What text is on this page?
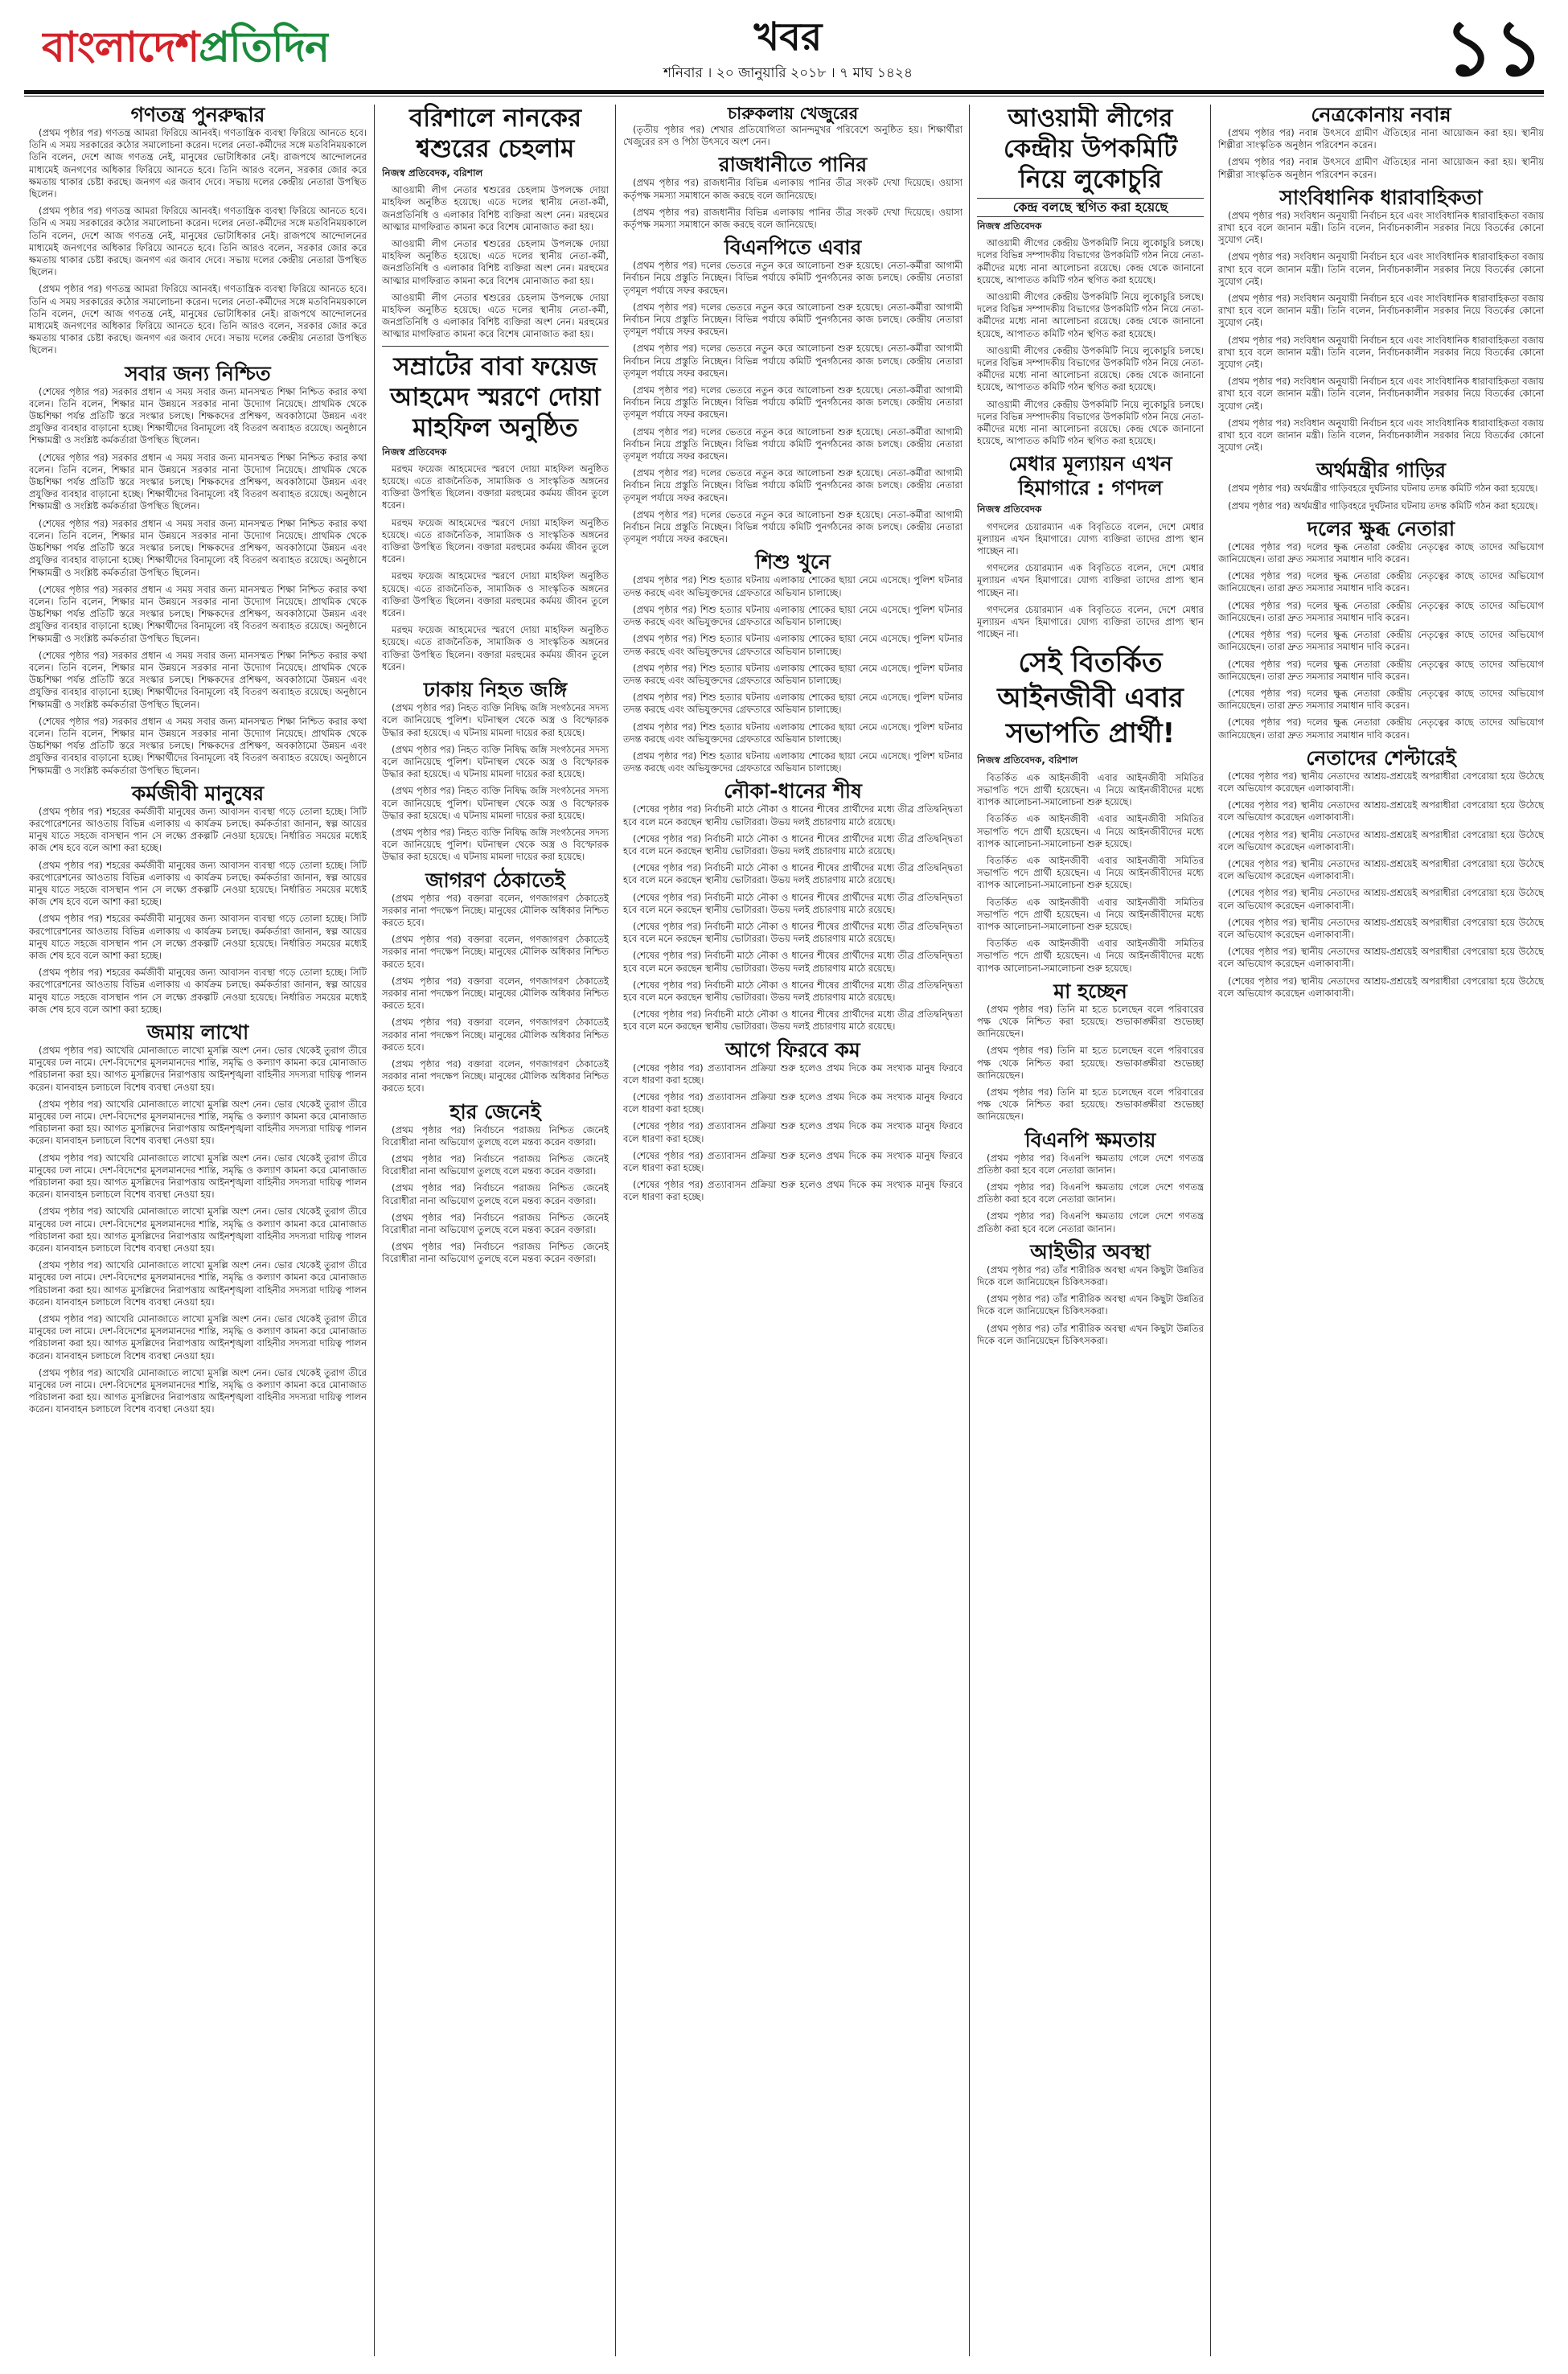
বাংলাদেশপ্রতিদিন	খবর
শনিবার । ২০ জানুয়ারি ২০১৮ । ৭ মাঘ ১৪২৪	১১
গণতন্ত্র পুনরুদ্ধার

(প্রথম পৃষ্ঠার পর) গণতন্ত্র আমরা ফিরিয়ে আনবই। গণতান্ত্রিক ব্যবস্থা ফিরিয়ে আনতে হবে। তিনি এ সময় সরকারের কঠোর সমালোচনা করেন। দলের নেতা-কর্মীদের সঙ্গে মতবিনিময়কালে তিনি বলেন, দেশে আজ গণতন্ত্র নেই, মানুষের ভোটাধিকার নেই। রাজপথে আন্দোলনের মাধ্যমেই জনগণের অধিকার ফিরিয়ে আনতে হবে। তিনি আরও বলেন, সরকার জোর করে ক্ষমতায় থাকার চেষ্টা করছে। জনগণ এর জবাব দেবে। সভায় দলের কেন্দ্রীয় নেতারা উপস্থিত ছিলেন।

(প্রথম পৃষ্ঠার পর) গণতন্ত্র আমরা ফিরিয়ে আনবই। গণতান্ত্রিক ব্যবস্থা ফিরিয়ে আনতে হবে। তিনি এ সময় সরকারের কঠোর সমালোচনা করেন। দলের নেতা-কর্মীদের সঙ্গে মতবিনিময়কালে তিনি বলেন, দেশে আজ গণতন্ত্র নেই, মানুষের ভোটাধিকার নেই। রাজপথে আন্দোলনের মাধ্যমেই জনগণের অধিকার ফিরিয়ে আনতে হবে। তিনি আরও বলেন, সরকার জোর করে ক্ষমতায় থাকার চেষ্টা করছে। জনগণ এর জবাব দেবে। সভায় দলের কেন্দ্রীয় নেতারা উপস্থিত ছিলেন।

(প্রথম পৃষ্ঠার পর) গণতন্ত্র আমরা ফিরিয়ে আনবই। গণতান্ত্রিক ব্যবস্থা ফিরিয়ে আনতে হবে। তিনি এ সময় সরকারের কঠোর সমালোচনা করেন। দলের নেতা-কর্মীদের সঙ্গে মতবিনিময়কালে তিনি বলেন, দেশে আজ গণতন্ত্র নেই, মানুষের ভোটাধিকার নেই। রাজপথে আন্দোলনের মাধ্যমেই জনগণের অধিকার ফিরিয়ে আনতে হবে। তিনি আরও বলেন, সরকার জোর করে ক্ষমতায় থাকার চেষ্টা করছে। জনগণ এর জবাব দেবে। সভায় দলের কেন্দ্রীয় নেতারা উপস্থিত ছিলেন।

সবার জন্য নিশ্চিত

(শেষের পৃষ্ঠার পর) সরকার প্রধান এ সময় সবার জন্য মানসম্মত শিক্ষা নিশ্চিত করার কথা বলেন। তিনি বলেন, শিক্ষার মান উন্নয়নে সরকার নানা উদ্যোগ নিয়েছে। প্রাথমিক থেকে উচ্চশিক্ষা পর্যন্ত প্রতিটি স্তরে সংস্কার চলছে। শিক্ষকদের প্রশিক্ষণ, অবকাঠামো উন্নয়ন এবং প্রযুক্তির ব্যবহার বাড়ানো হচ্ছে। শিক্ষার্থীদের বিনামূল্যে বই বিতরণ অব্যাহত রয়েছে। অনুষ্ঠানে শিক্ষামন্ত্রী ও সংশ্লিষ্ট কর্মকর্তারা উপস্থিত ছিলেন।

(শেষের পৃষ্ঠার পর) সরকার প্রধান এ সময় সবার জন্য মানসম্মত শিক্ষা নিশ্চিত করার কথা বলেন। তিনি বলেন, শিক্ষার মান উন্নয়নে সরকার নানা উদ্যোগ নিয়েছে। প্রাথমিক থেকে উচ্চশিক্ষা পর্যন্ত প্রতিটি স্তরে সংস্কার চলছে। শিক্ষকদের প্রশিক্ষণ, অবকাঠামো উন্নয়ন এবং প্রযুক্তির ব্যবহার বাড়ানো হচ্ছে। শিক্ষার্থীদের বিনামূল্যে বই বিতরণ অব্যাহত রয়েছে। অনুষ্ঠানে শিক্ষামন্ত্রী ও সংশ্লিষ্ট কর্মকর্তারা উপস্থিত ছিলেন।

(শেষের পৃষ্ঠার পর) সরকার প্রধান এ সময় সবার জন্য মানসম্মত শিক্ষা নিশ্চিত করার কথা বলেন। তিনি বলেন, শিক্ষার মান উন্নয়নে সরকার নানা উদ্যোগ নিয়েছে। প্রাথমিক থেকে উচ্চশিক্ষা পর্যন্ত প্রতিটি স্তরে সংস্কার চলছে। শিক্ষকদের প্রশিক্ষণ, অবকাঠামো উন্নয়ন এবং প্রযুক্তির ব্যবহার বাড়ানো হচ্ছে। শিক্ষার্থীদের বিনামূল্যে বই বিতরণ অব্যাহত রয়েছে। অনুষ্ঠানে শিক্ষামন্ত্রী ও সংশ্লিষ্ট কর্মকর্তারা উপস্থিত ছিলেন।

(শেষের পৃষ্ঠার পর) সরকার প্রধান এ সময় সবার জন্য মানসম্মত শিক্ষা নিশ্চিত করার কথা বলেন। তিনি বলেন, শিক্ষার মান উন্নয়নে সরকার নানা উদ্যোগ নিয়েছে। প্রাথমিক থেকে উচ্চশিক্ষা পর্যন্ত প্রতিটি স্তরে সংস্কার চলছে। শিক্ষকদের প্রশিক্ষণ, অবকাঠামো উন্নয়ন এবং প্রযুক্তির ব্যবহার বাড়ানো হচ্ছে। শিক্ষার্থীদের বিনামূল্যে বই বিতরণ অব্যাহত রয়েছে। অনুষ্ঠানে শিক্ষামন্ত্রী ও সংশ্লিষ্ট কর্মকর্তারা উপস্থিত ছিলেন।

(শেষের পৃষ্ঠার পর) সরকার প্রধান এ সময় সবার জন্য মানসম্মত শিক্ষা নিশ্চিত করার কথা বলেন। তিনি বলেন, শিক্ষার মান উন্নয়নে সরকার নানা উদ্যোগ নিয়েছে। প্রাথমিক থেকে উচ্চশিক্ষা পর্যন্ত প্রতিটি স্তরে সংস্কার চলছে। শিক্ষকদের প্রশিক্ষণ, অবকাঠামো উন্নয়ন এবং প্রযুক্তির ব্যবহার বাড়ানো হচ্ছে। শিক্ষার্থীদের বিনামূল্যে বই বিতরণ অব্যাহত রয়েছে। অনুষ্ঠানে শিক্ষামন্ত্রী ও সংশ্লিষ্ট কর্মকর্তারা উপস্থিত ছিলেন।

(শেষের পৃষ্ঠার পর) সরকার প্রধান এ সময় সবার জন্য মানসম্মত শিক্ষা নিশ্চিত করার কথা বলেন। তিনি বলেন, শিক্ষার মান উন্নয়নে সরকার নানা উদ্যোগ নিয়েছে। প্রাথমিক থেকে উচ্চশিক্ষা পর্যন্ত প্রতিটি স্তরে সংস্কার চলছে। শিক্ষকদের প্রশিক্ষণ, অবকাঠামো উন্নয়ন এবং প্রযুক্তির ব্যবহার বাড়ানো হচ্ছে। শিক্ষার্থীদের বিনামূল্যে বই বিতরণ অব্যাহত রয়েছে। অনুষ্ঠানে শিক্ষামন্ত্রী ও সংশ্লিষ্ট কর্মকর্তারা উপস্থিত ছিলেন।

কর্মজীবী মানুষের

(প্রথম পৃষ্ঠার পর) শহরের কর্মজীবী মানুষের জন্য আবাসন ব্যবস্থা গড়ে তোলা হচ্ছে। সিটি করপোরেশনের আওতায় বিভিন্ন এলাকায় এ কার্যক্রম চলছে। কর্মকর্তারা জানান, স্বল্প আয়ের মানুষ যাতে সহজে বাসস্থান পান সে লক্ষ্যে প্রকল্পটি নেওয়া হয়েছে। নির্ধারিত সময়ের মধ্যেই কাজ শেষ হবে বলে আশা করা হচ্ছে।

(প্রথম পৃষ্ঠার পর) শহরের কর্মজীবী মানুষের জন্য আবাসন ব্যবস্থা গড়ে তোলা হচ্ছে। সিটি করপোরেশনের আওতায় বিভিন্ন এলাকায় এ কার্যক্রম চলছে। কর্মকর্তারা জানান, স্বল্প আয়ের মানুষ যাতে সহজে বাসস্থান পান সে লক্ষ্যে প্রকল্পটি নেওয়া হয়েছে। নির্ধারিত সময়ের মধ্যেই কাজ শেষ হবে বলে আশা করা হচ্ছে।

(প্রথম পৃষ্ঠার পর) শহরের কর্মজীবী মানুষের জন্য আবাসন ব্যবস্থা গড়ে তোলা হচ্ছে। সিটি করপোরেশনের আওতায় বিভিন্ন এলাকায় এ কার্যক্রম চলছে। কর্মকর্তারা জানান, স্বল্প আয়ের মানুষ যাতে সহজে বাসস্থান পান সে লক্ষ্যে প্রকল্পটি নেওয়া হয়েছে। নির্ধারিত সময়ের মধ্যেই কাজ শেষ হবে বলে আশা করা হচ্ছে।

(প্রথম পৃষ্ঠার পর) শহরের কর্মজীবী মানুষের জন্য আবাসন ব্যবস্থা গড়ে তোলা হচ্ছে। সিটি করপোরেশনের আওতায় বিভিন্ন এলাকায় এ কার্যক্রম চলছে। কর্মকর্তারা জানান, স্বল্প আয়ের মানুষ যাতে সহজে বাসস্থান পান সে লক্ষ্যে প্রকল্পটি নেওয়া হয়েছে। নির্ধারিত সময়ের মধ্যেই কাজ শেষ হবে বলে আশা করা হচ্ছে।

জমায় লাখো

(প্রথম পৃষ্ঠার পর) আখেরি মোনাজাতে লাখো মুসল্লি অংশ নেন। ভোর থেকেই তুরাগ তীরে মানুষের ঢল নামে। দেশ-বিদেশের মুসলমানদের শান্তি, সমৃদ্ধি ও কল্যাণ কামনা করে মোনাজাত পরিচালনা করা হয়। আগত মুসল্লিদের নিরাপত্তায় আইনশৃঙ্খলা বাহিনীর সদস্যরা দায়িত্ব পালন করেন। যানবাহন চলাচলে বিশেষ ব্যবস্থা নেওয়া হয়।

(প্রথম পৃষ্ঠার পর) আখেরি মোনাজাতে লাখো মুসল্লি অংশ নেন। ভোর থেকেই তুরাগ তীরে মানুষের ঢল নামে। দেশ-বিদেশের মুসলমানদের শান্তি, সমৃদ্ধি ও কল্যাণ কামনা করে মোনাজাত পরিচালনা করা হয়। আগত মুসল্লিদের নিরাপত্তায় আইনশৃঙ্খলা বাহিনীর সদস্যরা দায়িত্ব পালন করেন। যানবাহন চলাচলে বিশেষ ব্যবস্থা নেওয়া হয়।

(প্রথম পৃষ্ঠার পর) আখেরি মোনাজাতে লাখো মুসল্লি অংশ নেন। ভোর থেকেই তুরাগ তীরে মানুষের ঢল নামে। দেশ-বিদেশের মুসলমানদের শান্তি, সমৃদ্ধি ও কল্যাণ কামনা করে মোনাজাত পরিচালনা করা হয়। আগত মুসল্লিদের নিরাপত্তায় আইনশৃঙ্খলা বাহিনীর সদস্যরা দায়িত্ব পালন করেন। যানবাহন চলাচলে বিশেষ ব্যবস্থা নেওয়া হয়।

(প্রথম পৃষ্ঠার পর) আখেরি মোনাজাতে লাখো মুসল্লি অংশ নেন। ভোর থেকেই তুরাগ তীরে মানুষের ঢল নামে। দেশ-বিদেশের মুসলমানদের শান্তি, সমৃদ্ধি ও কল্যাণ কামনা করে মোনাজাত পরিচালনা করা হয়। আগত মুসল্লিদের নিরাপত্তায় আইনশৃঙ্খলা বাহিনীর সদস্যরা দায়িত্ব পালন করেন। যানবাহন চলাচলে বিশেষ ব্যবস্থা নেওয়া হয়।

(প্রথম পৃষ্ঠার পর) আখেরি মোনাজাতে লাখো মুসল্লি অংশ নেন। ভোর থেকেই তুরাগ তীরে মানুষের ঢল নামে। দেশ-বিদেশের মুসলমানদের শান্তি, সমৃদ্ধি ও কল্যাণ কামনা করে মোনাজাত পরিচালনা করা হয়। আগত মুসল্লিদের নিরাপত্তায় আইনশৃঙ্খলা বাহিনীর সদস্যরা দায়িত্ব পালন করেন। যানবাহন চলাচলে বিশেষ ব্যবস্থা নেওয়া হয়।

(প্রথম পৃষ্ঠার পর) আখেরি মোনাজাতে লাখো মুসল্লি অংশ নেন। ভোর থেকেই তুরাগ তীরে মানুষের ঢল নামে। দেশ-বিদেশের মুসলমানদের শান্তি, সমৃদ্ধি ও কল্যাণ কামনা করে মোনাজাত পরিচালনা করা হয়। আগত মুসল্লিদের নিরাপত্তায় আইনশৃঙ্খলা বাহিনীর সদস্যরা দায়িত্ব পালন করেন। যানবাহন চলাচলে বিশেষ ব্যবস্থা নেওয়া হয়।

(প্রথম পৃষ্ঠার পর) আখেরি মোনাজাতে লাখো মুসল্লি অংশ নেন। ভোর থেকেই তুরাগ তীরে মানুষের ঢল নামে। দেশ-বিদেশের মুসলমানদের শান্তি, সমৃদ্ধি ও কল্যাণ কামনা করে মোনাজাত পরিচালনা করা হয়। আগত মুসল্লিদের নিরাপত্তায় আইনশৃঙ্খলা বাহিনীর সদস্যরা দায়িত্ব পালন করেন। যানবাহন চলাচলে বিশেষ ব্যবস্থা নেওয়া হয়।

বরিশালে নানকের শ্বশুরের চেহলাম
নিজস্ব প্রতিবেদক, বরিশাল

আওয়ামী লীগ নেতার শ্বশুরের চেহলাম উপলক্ষে দোয়া মাহফিল অনুষ্ঠিত হয়েছে। এতে দলের স্থানীয় নেতা-কর্মী, জনপ্রতিনিধি ও এলাকার বিশিষ্ট ব্যক্তিরা অংশ নেন। মরহুমের আত্মার মাগফিরাত কামনা করে বিশেষ মোনাজাত করা হয়।

আওয়ামী লীগ নেতার শ্বশুরের চেহলাম উপলক্ষে দোয়া মাহফিল অনুষ্ঠিত হয়েছে। এতে দলের স্থানীয় নেতা-কর্মী, জনপ্রতিনিধি ও এলাকার বিশিষ্ট ব্যক্তিরা অংশ নেন। মরহুমের আত্মার মাগফিরাত কামনা করে বিশেষ মোনাজাত করা হয়।

আওয়ামী লীগ নেতার শ্বশুরের চেহলাম উপলক্ষে দোয়া মাহফিল অনুষ্ঠিত হয়েছে। এতে দলের স্থানীয় নেতা-কর্মী, জনপ্রতিনিধি ও এলাকার বিশিষ্ট ব্যক্তিরা অংশ নেন। মরহুমের আত্মার মাগফিরাত কামনা করে বিশেষ মোনাজাত করা হয়।

সম্রাটের বাবা ফয়েজ আহমেদ স্মরণে দোয়া মাহফিল অনুষ্ঠিত
নিজস্ব প্রতিবেদক

মরহুম ফয়েজ আহমেদের স্মরণে দোয়া মাহফিল অনুষ্ঠিত হয়েছে। এতে রাজনৈতিক, সামাজিক ও সাংস্কৃতিক অঙ্গনের ব্যক্তিরা উপস্থিত ছিলেন। বক্তারা মরহুমের কর্মময় জীবন তুলে ধরেন।

মরহুম ফয়েজ আহমেদের স্মরণে দোয়া মাহফিল অনুষ্ঠিত হয়েছে। এতে রাজনৈতিক, সামাজিক ও সাংস্কৃতিক অঙ্গনের ব্যক্তিরা উপস্থিত ছিলেন। বক্তারা মরহুমের কর্মময় জীবন তুলে ধরেন।

মরহুম ফয়েজ আহমেদের স্মরণে দোয়া মাহফিল অনুষ্ঠিত হয়েছে। এতে রাজনৈতিক, সামাজিক ও সাংস্কৃতিক অঙ্গনের ব্যক্তিরা উপস্থিত ছিলেন। বক্তারা মরহুমের কর্মময় জীবন তুলে ধরেন।

মরহুম ফয়েজ আহমেদের স্মরণে দোয়া মাহফিল অনুষ্ঠিত হয়েছে। এতে রাজনৈতিক, সামাজিক ও সাংস্কৃতিক অঙ্গনের ব্যক্তিরা উপস্থিত ছিলেন। বক্তারা মরহুমের কর্মময় জীবন তুলে ধরেন।

ঢাকায় নিহত জঙ্গি

(প্রথম পৃষ্ঠার পর) নিহত ব্যক্তি নিষিদ্ধ জঙ্গি সংগঠনের সদস্য বলে জানিয়েছে পুলিশ। ঘটনাস্থল থেকে অস্ত্র ও বিস্ফোরক উদ্ধার করা হয়েছে। এ ঘটনায় মামলা দায়ের করা হয়েছে।

(প্রথম পৃষ্ঠার পর) নিহত ব্যক্তি নিষিদ্ধ জঙ্গি সংগঠনের সদস্য বলে জানিয়েছে পুলিশ। ঘটনাস্থল থেকে অস্ত্র ও বিস্ফোরক উদ্ধার করা হয়েছে। এ ঘটনায় মামলা দায়ের করা হয়েছে।

(প্রথম পৃষ্ঠার পর) নিহত ব্যক্তি নিষিদ্ধ জঙ্গি সংগঠনের সদস্য বলে জানিয়েছে পুলিশ। ঘটনাস্থল থেকে অস্ত্র ও বিস্ফোরক উদ্ধার করা হয়েছে। এ ঘটনায় মামলা দায়ের করা হয়েছে।

(প্রথম পৃষ্ঠার পর) নিহত ব্যক্তি নিষিদ্ধ জঙ্গি সংগঠনের সদস্য বলে জানিয়েছে পুলিশ। ঘটনাস্থল থেকে অস্ত্র ও বিস্ফোরক উদ্ধার করা হয়েছে। এ ঘটনায় মামলা দায়ের করা হয়েছে।

জাগরণ ঠেকাতেই

(প্রথম পৃষ্ঠার পর) বক্তারা বলেন, গণজাগরণ ঠেকাতেই সরকার নানা পদক্ষেপ নিচ্ছে। মানুষের মৌলিক অধিকার নিশ্চিত করতে হবে।

(প্রথম পৃষ্ঠার পর) বক্তারা বলেন, গণজাগরণ ঠেকাতেই সরকার নানা পদক্ষেপ নিচ্ছে। মানুষের মৌলিক অধিকার নিশ্চিত করতে হবে।

(প্রথম পৃষ্ঠার পর) বক্তারা বলেন, গণজাগরণ ঠেকাতেই সরকার নানা পদক্ষেপ নিচ্ছে। মানুষের মৌলিক অধিকার নিশ্চিত করতে হবে।

(প্রথম পৃষ্ঠার পর) বক্তারা বলেন, গণজাগরণ ঠেকাতেই সরকার নানা পদক্ষেপ নিচ্ছে। মানুষের মৌলিক অধিকার নিশ্চিত করতে হবে।

(প্রথম পৃষ্ঠার পর) বক্তারা বলেন, গণজাগরণ ঠেকাতেই সরকার নানা পদক্ষেপ নিচ্ছে। মানুষের মৌলিক অধিকার নিশ্চিত করতে হবে।

হার জেনেই

(প্রথম পৃষ্ঠার পর) নির্বাচনে পরাজয় নিশ্চিত জেনেই বিরোধীরা নানা অভিযোগ তুলছে বলে মন্তব্য করেন বক্তারা।

(প্রথম পৃষ্ঠার পর) নির্বাচনে পরাজয় নিশ্চিত জেনেই বিরোধীরা নানা অভিযোগ তুলছে বলে মন্তব্য করেন বক্তারা।

(প্রথম পৃষ্ঠার পর) নির্বাচনে পরাজয় নিশ্চিত জেনেই বিরোধীরা নানা অভিযোগ তুলছে বলে মন্তব্য করেন বক্তারা।

(প্রথম পৃষ্ঠার পর) নির্বাচনে পরাজয় নিশ্চিত জেনেই বিরোধীরা নানা অভিযোগ তুলছে বলে মন্তব্য করেন বক্তারা।

(প্রথম পৃষ্ঠার পর) নির্বাচনে পরাজয় নিশ্চিত জেনেই বিরোধীরা নানা অভিযোগ তুলছে বলে মন্তব্য করেন বক্তারা।

চারুকলায় খেজুরের

(তৃতীয় পৃষ্ঠার পর) শেখার প্রতিযোগিতা আনন্দমুখর পরিবেশে অনুষ্ঠিত হয়। শিক্ষার্থীরা খেজুরের রস ও পিঠা উৎসবে অংশ নেন।

রাজধানীতে পানির

(প্রথম পৃষ্ঠার পর) রাজধানীর বিভিন্ন এলাকায় পানির তীব্র সংকট দেখা দিয়েছে। ওয়াসা কর্তৃপক্ষ সমস্যা সমাধানে কাজ করছে বলে জানিয়েছে।

(প্রথম পৃষ্ঠার পর) রাজধানীর বিভিন্ন এলাকায় পানির তীব্র সংকট দেখা দিয়েছে। ওয়াসা কর্তৃপক্ষ সমস্যা সমাধানে কাজ করছে বলে জানিয়েছে।

বিএনপিতে এবার

(প্রথম পৃষ্ঠার পর) দলের ভেতরে নতুন করে আলোচনা শুরু হয়েছে। নেতা-কর্মীরা আগামী নির্বাচন নিয়ে প্রস্তুতি নিচ্ছেন। বিভিন্ন পর্যায়ে কমিটি পুনর্গঠনের কাজ চলছে। কেন্দ্রীয় নেতারা তৃণমূল পর্যায়ে সফর করছেন।

(প্রথম পৃষ্ঠার পর) দলের ভেতরে নতুন করে আলোচনা শুরু হয়েছে। নেতা-কর্মীরা আগামী নির্বাচন নিয়ে প্রস্তুতি নিচ্ছেন। বিভিন্ন পর্যায়ে কমিটি পুনর্গঠনের কাজ চলছে। কেন্দ্রীয় নেতারা তৃণমূল পর্যায়ে সফর করছেন।

(প্রথম পৃষ্ঠার পর) দলের ভেতরে নতুন করে আলোচনা শুরু হয়েছে। নেতা-কর্মীরা আগামী নির্বাচন নিয়ে প্রস্তুতি নিচ্ছেন। বিভিন্ন পর্যায়ে কমিটি পুনর্গঠনের কাজ চলছে। কেন্দ্রীয় নেতারা তৃণমূল পর্যায়ে সফর করছেন।

(প্রথম পৃষ্ঠার পর) দলের ভেতরে নতুন করে আলোচনা শুরু হয়েছে। নেতা-কর্মীরা আগামী নির্বাচন নিয়ে প্রস্তুতি নিচ্ছেন। বিভিন্ন পর্যায়ে কমিটি পুনর্গঠনের কাজ চলছে। কেন্দ্রীয় নেতারা তৃণমূল পর্যায়ে সফর করছেন।

(প্রথম পৃষ্ঠার পর) দলের ভেতরে নতুন করে আলোচনা শুরু হয়েছে। নেতা-কর্মীরা আগামী নির্বাচন নিয়ে প্রস্তুতি নিচ্ছেন। বিভিন্ন পর্যায়ে কমিটি পুনর্গঠনের কাজ চলছে। কেন্দ্রীয় নেতারা তৃণমূল পর্যায়ে সফর করছেন।

(প্রথম পৃষ্ঠার পর) দলের ভেতরে নতুন করে আলোচনা শুরু হয়েছে। নেতা-কর্মীরা আগামী নির্বাচন নিয়ে প্রস্তুতি নিচ্ছেন। বিভিন্ন পর্যায়ে কমিটি পুনর্গঠনের কাজ চলছে। কেন্দ্রীয় নেতারা তৃণমূল পর্যায়ে সফর করছেন।

(প্রথম পৃষ্ঠার পর) দলের ভেতরে নতুন করে আলোচনা শুরু হয়েছে। নেতা-কর্মীরা আগামী নির্বাচন নিয়ে প্রস্তুতি নিচ্ছেন। বিভিন্ন পর্যায়ে কমিটি পুনর্গঠনের কাজ চলছে। কেন্দ্রীয় নেতারা তৃণমূল পর্যায়ে সফর করছেন।

শিশু খুনে

(প্রথম পৃষ্ঠার পর) শিশু হত্যার ঘটনায় এলাকায় শোকের ছায়া নেমে এসেছে। পুলিশ ঘটনার তদন্ত করছে এবং অভিযুক্তদের গ্রেফতারে অভিযান চালাচ্ছে।

(প্রথম পৃষ্ঠার পর) শিশু হত্যার ঘটনায় এলাকায় শোকের ছায়া নেমে এসেছে। পুলিশ ঘটনার তদন্ত করছে এবং অভিযুক্তদের গ্রেফতারে অভিযান চালাচ্ছে।

(প্রথম পৃষ্ঠার পর) শিশু হত্যার ঘটনায় এলাকায় শোকের ছায়া নেমে এসেছে। পুলিশ ঘটনার তদন্ত করছে এবং অভিযুক্তদের গ্রেফতারে অভিযান চালাচ্ছে।

(প্রথম পৃষ্ঠার পর) শিশু হত্যার ঘটনায় এলাকায় শোকের ছায়া নেমে এসেছে। পুলিশ ঘটনার তদন্ত করছে এবং অভিযুক্তদের গ্রেফতারে অভিযান চালাচ্ছে।

(প্রথম পৃষ্ঠার পর) শিশু হত্যার ঘটনায় এলাকায় শোকের ছায়া নেমে এসেছে। পুলিশ ঘটনার তদন্ত করছে এবং অভিযুক্তদের গ্রেফতারে অভিযান চালাচ্ছে।

(প্রথম পৃষ্ঠার পর) শিশু হত্যার ঘটনায় এলাকায় শোকের ছায়া নেমে এসেছে। পুলিশ ঘটনার তদন্ত করছে এবং অভিযুক্তদের গ্রেফতারে অভিযান চালাচ্ছে।

(প্রথম পৃষ্ঠার পর) শিশু হত্যার ঘটনায় এলাকায় শোকের ছায়া নেমে এসেছে। পুলিশ ঘটনার তদন্ত করছে এবং অভিযুক্তদের গ্রেফতারে অভিযান চালাচ্ছে।

নৌকা-ধানের শীষ

(শেষের পৃষ্ঠার পর) নির্বাচনী মাঠে নৌকা ও ধানের শীষের প্রার্থীদের মধ্যে তীব্র প্রতিদ্বন্দ্বিতা হবে বলে মনে করছেন স্থানীয় ভোটাররা। উভয় দলই প্রচারণায় মাঠে রয়েছে।

(শেষের পৃষ্ঠার পর) নির্বাচনী মাঠে নৌকা ও ধানের শীষের প্রার্থীদের মধ্যে তীব্র প্রতিদ্বন্দ্বিতা হবে বলে মনে করছেন স্থানীয় ভোটাররা। উভয় দলই প্রচারণায় মাঠে রয়েছে।

(শেষের পৃষ্ঠার পর) নির্বাচনী মাঠে নৌকা ও ধানের শীষের প্রার্থীদের মধ্যে তীব্র প্রতিদ্বন্দ্বিতা হবে বলে মনে করছেন স্থানীয় ভোটাররা। উভয় দলই প্রচারণায় মাঠে রয়েছে।

(শেষের পৃষ্ঠার পর) নির্বাচনী মাঠে নৌকা ও ধানের শীষের প্রার্থীদের মধ্যে তীব্র প্রতিদ্বন্দ্বিতা হবে বলে মনে করছেন স্থানীয় ভোটাররা। উভয় দলই প্রচারণায় মাঠে রয়েছে।

(শেষের পৃষ্ঠার পর) নির্বাচনী মাঠে নৌকা ও ধানের শীষের প্রার্থীদের মধ্যে তীব্র প্রতিদ্বন্দ্বিতা হবে বলে মনে করছেন স্থানীয় ভোটাররা। উভয় দলই প্রচারণায় মাঠে রয়েছে।

(শেষের পৃষ্ঠার পর) নির্বাচনী মাঠে নৌকা ও ধানের শীষের প্রার্থীদের মধ্যে তীব্র প্রতিদ্বন্দ্বিতা হবে বলে মনে করছেন স্থানীয় ভোটাররা। উভয় দলই প্রচারণায় মাঠে রয়েছে।

(শেষের পৃষ্ঠার পর) নির্বাচনী মাঠে নৌকা ও ধানের শীষের প্রার্থীদের মধ্যে তীব্র প্রতিদ্বন্দ্বিতা হবে বলে মনে করছেন স্থানীয় ভোটাররা। উভয় দলই প্রচারণায় মাঠে রয়েছে।

(শেষের পৃষ্ঠার পর) নির্বাচনী মাঠে নৌকা ও ধানের শীষের প্রার্থীদের মধ্যে তীব্র প্রতিদ্বন্দ্বিতা হবে বলে মনে করছেন স্থানীয় ভোটাররা। উভয় দলই প্রচারণায় মাঠে রয়েছে।

আগে ফিরবে কম

(শেষের পৃষ্ঠার পর) প্রত্যাবাসন প্রক্রিয়া শুরু হলেও প্রথম দিকে কম সংখ্যক মানুষ ফিরবে বলে ধারণা করা হচ্ছে।

(শেষের পৃষ্ঠার পর) প্রত্যাবাসন প্রক্রিয়া শুরু হলেও প্রথম দিকে কম সংখ্যক মানুষ ফিরবে বলে ধারণা করা হচ্ছে।

(শেষের পৃষ্ঠার পর) প্রত্যাবাসন প্রক্রিয়া শুরু হলেও প্রথম দিকে কম সংখ্যক মানুষ ফিরবে বলে ধারণা করা হচ্ছে।

(শেষের পৃষ্ঠার পর) প্রত্যাবাসন প্রক্রিয়া শুরু হলেও প্রথম দিকে কম সংখ্যক মানুষ ফিরবে বলে ধারণা করা হচ্ছে।

(শেষের পৃষ্ঠার পর) প্রত্যাবাসন প্রক্রিয়া শুরু হলেও প্রথম দিকে কম সংখ্যক মানুষ ফিরবে বলে ধারণা করা হচ্ছে।

আওয়ামী লীগের কেন্দ্রীয় উপকমিটি নিয়ে লুকোচুরি
কেন্দ্র বলছে স্থগিত করা হয়েছে
নিজস্ব প্রতিবেদক

আওয়ামী লীগের কেন্দ্রীয় উপকমিটি নিয়ে লুকোচুরি চলছে। দলের বিভিন্ন সম্পাদকীয় বিভাগের উপকমিটি গঠন নিয়ে নেতা-কর্মীদের মধ্যে নানা আলোচনা রয়েছে। কেন্দ্র থেকে জানানো হয়েছে, আপাতত কমিটি গঠন স্থগিত করা হয়েছে।

আওয়ামী লীগের কেন্দ্রীয় উপকমিটি নিয়ে লুকোচুরি চলছে। দলের বিভিন্ন সম্পাদকীয় বিভাগের উপকমিটি গঠন নিয়ে নেতা-কর্মীদের মধ্যে নানা আলোচনা রয়েছে। কেন্দ্র থেকে জানানো হয়েছে, আপাতত কমিটি গঠন স্থগিত করা হয়েছে।

আওয়ামী লীগের কেন্দ্রীয় উপকমিটি নিয়ে লুকোচুরি চলছে। দলের বিভিন্ন সম্পাদকীয় বিভাগের উপকমিটি গঠন নিয়ে নেতা-কর্মীদের মধ্যে নানা আলোচনা রয়েছে। কেন্দ্র থেকে জানানো হয়েছে, আপাতত কমিটি গঠন স্থগিত করা হয়েছে।

আওয়ামী লীগের কেন্দ্রীয় উপকমিটি নিয়ে লুকোচুরি চলছে। দলের বিভিন্ন সম্পাদকীয় বিভাগের উপকমিটি গঠন নিয়ে নেতা-কর্মীদের মধ্যে নানা আলোচনা রয়েছে। কেন্দ্র থেকে জানানো হয়েছে, আপাতত কমিটি গঠন স্থগিত করা হয়েছে।

মেধার মূল্যায়ন এখন হিমাগারে : গণদল
নিজস্ব প্রতিবেদক

গণদলের চেয়ারম্যান এক বিবৃতিতে বলেন, দেশে মেধার মূল্যায়ন এখন হিমাগারে। যোগ্য ব্যক্তিরা তাদের প্রাপ্য স্থান পাচ্ছেন না।

গণদলের চেয়ারম্যান এক বিবৃতিতে বলেন, দেশে মেধার মূল্যায়ন এখন হিমাগারে। যোগ্য ব্যক্তিরা তাদের প্রাপ্য স্থান পাচ্ছেন না।

গণদলের চেয়ারম্যান এক বিবৃতিতে বলেন, দেশে মেধার মূল্যায়ন এখন হিমাগারে। যোগ্য ব্যক্তিরা তাদের প্রাপ্য স্থান পাচ্ছেন না।

সেই বিতর্কিত আইনজীবী এবার সভাপতি প্রার্থী!
নিজস্ব প্রতিবেদক, বরিশাল

বিতর্কিত এক আইনজীবী এবার আইনজীবী সমিতির সভাপতি পদে প্রার্থী হয়েছেন। এ নিয়ে আইনজীবীদের মধ্যে ব্যাপক আলোচনা-সমালোচনা শুরু হয়েছে।

বিতর্কিত এক আইনজীবী এবার আইনজীবী সমিতির সভাপতি পদে প্রার্থী হয়েছেন। এ নিয়ে আইনজীবীদের মধ্যে ব্যাপক আলোচনা-সমালোচনা শুরু হয়েছে।

বিতর্কিত এক আইনজীবী এবার আইনজীবী সমিতির সভাপতি পদে প্রার্থী হয়েছেন। এ নিয়ে আইনজীবীদের মধ্যে ব্যাপক আলোচনা-সমালোচনা শুরু হয়েছে।

বিতর্কিত এক আইনজীবী এবার আইনজীবী সমিতির সভাপতি পদে প্রার্থী হয়েছেন। এ নিয়ে আইনজীবীদের মধ্যে ব্যাপক আলোচনা-সমালোচনা শুরু হয়েছে।

বিতর্কিত এক আইনজীবী এবার আইনজীবী সমিতির সভাপতি পদে প্রার্থী হয়েছেন। এ নিয়ে আইনজীবীদের মধ্যে ব্যাপক আলোচনা-সমালোচনা শুরু হয়েছে।

মা হচ্ছেন

(প্রথম পৃষ্ঠার পর) তিনি মা হতে চলেছেন বলে পরিবারের পক্ষ থেকে নিশ্চিত করা হয়েছে। শুভাকাঙ্ক্ষীরা শুভেচ্ছা জানিয়েছেন।

(প্রথম পৃষ্ঠার পর) তিনি মা হতে চলেছেন বলে পরিবারের পক্ষ থেকে নিশ্চিত করা হয়েছে। শুভাকাঙ্ক্ষীরা শুভেচ্ছা জানিয়েছেন।

(প্রথম পৃষ্ঠার পর) তিনি মা হতে চলেছেন বলে পরিবারের পক্ষ থেকে নিশ্চিত করা হয়েছে। শুভাকাঙ্ক্ষীরা শুভেচ্ছা জানিয়েছেন।

বিএনপি ক্ষমতায়

(প্রথম পৃষ্ঠার পর) বিএনপি ক্ষমতায় গেলে দেশে গণতন্ত্র প্রতিষ্ঠা করা হবে বলে নেতারা জানান।

(প্রথম পৃষ্ঠার পর) বিএনপি ক্ষমতায় গেলে দেশে গণতন্ত্র প্রতিষ্ঠা করা হবে বলে নেতারা জানান।

(প্রথম পৃষ্ঠার পর) বিএনপি ক্ষমতায় গেলে দেশে গণতন্ত্র প্রতিষ্ঠা করা হবে বলে নেতারা জানান।

আইভীর অবস্থা

(প্রথম পৃষ্ঠার পর) তাঁর শারীরিক অবস্থা এখন কিছুটা উন্নতির দিকে বলে জানিয়েছেন চিকিৎসকরা।

(প্রথম পৃষ্ঠার পর) তাঁর শারীরিক অবস্থা এখন কিছুটা উন্নতির দিকে বলে জানিয়েছেন চিকিৎসকরা।

(প্রথম পৃষ্ঠার পর) তাঁর শারীরিক অবস্থা এখন কিছুটা উন্নতির দিকে বলে জানিয়েছেন চিকিৎসকরা।

নেত্রকোনায় নবান্ন

(প্রথম পৃষ্ঠার পর) নবান্ন উৎসবে গ্রামীণ ঐতিহ্যের নানা আয়োজন করা হয়। স্থানীয় শিল্পীরা সাংস্কৃতিক অনুষ্ঠান পরিবেশন করেন।

(প্রথম পৃষ্ঠার পর) নবান্ন উৎসবে গ্রামীণ ঐতিহ্যের নানা আয়োজন করা হয়। স্থানীয় শিল্পীরা সাংস্কৃতিক অনুষ্ঠান পরিবেশন করেন।

সাংবিধানিক ধারাবাহিকতা

(প্রথম পৃষ্ঠার পর) সংবিধান অনুযায়ী নির্বাচন হবে এবং সাংবিধানিক ধারাবাহিকতা বজায় রাখা হবে বলে জানান মন্ত্রী। তিনি বলেন, নির্বাচনকালীন সরকার নিয়ে বিতর্কের কোনো সুযোগ নেই।

(প্রথম পৃষ্ঠার পর) সংবিধান অনুযায়ী নির্বাচন হবে এবং সাংবিধানিক ধারাবাহিকতা বজায় রাখা হবে বলে জানান মন্ত্রী। তিনি বলেন, নির্বাচনকালীন সরকার নিয়ে বিতর্কের কোনো সুযোগ নেই।

(প্রথম পৃষ্ঠার পর) সংবিধান অনুযায়ী নির্বাচন হবে এবং সাংবিধানিক ধারাবাহিকতা বজায় রাখা হবে বলে জানান মন্ত্রী। তিনি বলেন, নির্বাচনকালীন সরকার নিয়ে বিতর্কের কোনো সুযোগ নেই।

(প্রথম পৃষ্ঠার পর) সংবিধান অনুযায়ী নির্বাচন হবে এবং সাংবিধানিক ধারাবাহিকতা বজায় রাখা হবে বলে জানান মন্ত্রী। তিনি বলেন, নির্বাচনকালীন সরকার নিয়ে বিতর্কের কোনো সুযোগ নেই।

(প্রথম পৃষ্ঠার পর) সংবিধান অনুযায়ী নির্বাচন হবে এবং সাংবিধানিক ধারাবাহিকতা বজায় রাখা হবে বলে জানান মন্ত্রী। তিনি বলেন, নির্বাচনকালীন সরকার নিয়ে বিতর্কের কোনো সুযোগ নেই।

(প্রথম পৃষ্ঠার পর) সংবিধান অনুযায়ী নির্বাচন হবে এবং সাংবিধানিক ধারাবাহিকতা বজায় রাখা হবে বলে জানান মন্ত্রী। তিনি বলেন, নির্বাচনকালীন সরকার নিয়ে বিতর্কের কোনো সুযোগ নেই।

অর্থমন্ত্রীর গাড়ির

(প্রথম পৃষ্ঠার পর) অর্থমন্ত্রীর গাড়িবহরে দুর্ঘটনার ঘটনায় তদন্ত কমিটি গঠন করা হয়েছে।

(প্রথম পৃষ্ঠার পর) অর্থমন্ত্রীর গাড়িবহরে দুর্ঘটনার ঘটনায় তদন্ত কমিটি গঠন করা হয়েছে।

দলের ক্ষুব্ধ নেতারা

(শেষের পৃষ্ঠার পর) দলের ক্ষুব্ধ নেতারা কেন্দ্রীয় নেতৃত্বের কাছে তাদের অভিযোগ জানিয়েছেন। তারা দ্রুত সমস্যার সমাধান দাবি করেন।

(শেষের পৃষ্ঠার পর) দলের ক্ষুব্ধ নেতারা কেন্দ্রীয় নেতৃত্বের কাছে তাদের অভিযোগ জানিয়েছেন। তারা দ্রুত সমস্যার সমাধান দাবি করেন।

(শেষের পৃষ্ঠার পর) দলের ক্ষুব্ধ নেতারা কেন্দ্রীয় নেতৃত্বের কাছে তাদের অভিযোগ জানিয়েছেন। তারা দ্রুত সমস্যার সমাধান দাবি করেন।

(শেষের পৃষ্ঠার পর) দলের ক্ষুব্ধ নেতারা কেন্দ্রীয় নেতৃত্বের কাছে তাদের অভিযোগ জানিয়েছেন। তারা দ্রুত সমস্যার সমাধান দাবি করেন।

(শেষের পৃষ্ঠার পর) দলের ক্ষুব্ধ নেতারা কেন্দ্রীয় নেতৃত্বের কাছে তাদের অভিযোগ জানিয়েছেন। তারা দ্রুত সমস্যার সমাধান দাবি করেন।

(শেষের পৃষ্ঠার পর) দলের ক্ষুব্ধ নেতারা কেন্দ্রীয় নেতৃত্বের কাছে তাদের অভিযোগ জানিয়েছেন। তারা দ্রুত সমস্যার সমাধান দাবি করেন।

(শেষের পৃষ্ঠার পর) দলের ক্ষুব্ধ নেতারা কেন্দ্রীয় নেতৃত্বের কাছে তাদের অভিযোগ জানিয়েছেন। তারা দ্রুত সমস্যার সমাধান দাবি করেন।

নেতাদের শেল্টারেই

(শেষের পৃষ্ঠার পর) স্থানীয় নেতাদের আশ্রয়-প্রশ্রয়েই অপরাধীরা বেপরোয়া হয়ে উঠেছে বলে অভিযোগ করেছেন এলাকাবাসী।

(শেষের পৃষ্ঠার পর) স্থানীয় নেতাদের আশ্রয়-প্রশ্রয়েই অপরাধীরা বেপরোয়া হয়ে উঠেছে বলে অভিযোগ করেছেন এলাকাবাসী।

(শেষের পৃষ্ঠার পর) স্থানীয় নেতাদের আশ্রয়-প্রশ্রয়েই অপরাধীরা বেপরোয়া হয়ে উঠেছে বলে অভিযোগ করেছেন এলাকাবাসী।

(শেষের পৃষ্ঠার পর) স্থানীয় নেতাদের আশ্রয়-প্রশ্রয়েই অপরাধীরা বেপরোয়া হয়ে উঠেছে বলে অভিযোগ করেছেন এলাকাবাসী।

(শেষের পৃষ্ঠার পর) স্থানীয় নেতাদের আশ্রয়-প্রশ্রয়েই অপরাধীরা বেপরোয়া হয়ে উঠেছে বলে অভিযোগ করেছেন এলাকাবাসী।

(শেষের পৃষ্ঠার পর) স্থানীয় নেতাদের আশ্রয়-প্রশ্রয়েই অপরাধীরা বেপরোয়া হয়ে উঠেছে বলে অভিযোগ করেছেন এলাকাবাসী।

(শেষের পৃষ্ঠার পর) স্থানীয় নেতাদের আশ্রয়-প্রশ্রয়েই অপরাধীরা বেপরোয়া হয়ে উঠেছে বলে অভিযোগ করেছেন এলাকাবাসী।

(শেষের পৃষ্ঠার পর) স্থানীয় নেতাদের আশ্রয়-প্রশ্রয়েই অপরাধীরা বেপরোয়া হয়ে উঠেছে বলে অভিযোগ করেছেন এলাকাবাসী।
